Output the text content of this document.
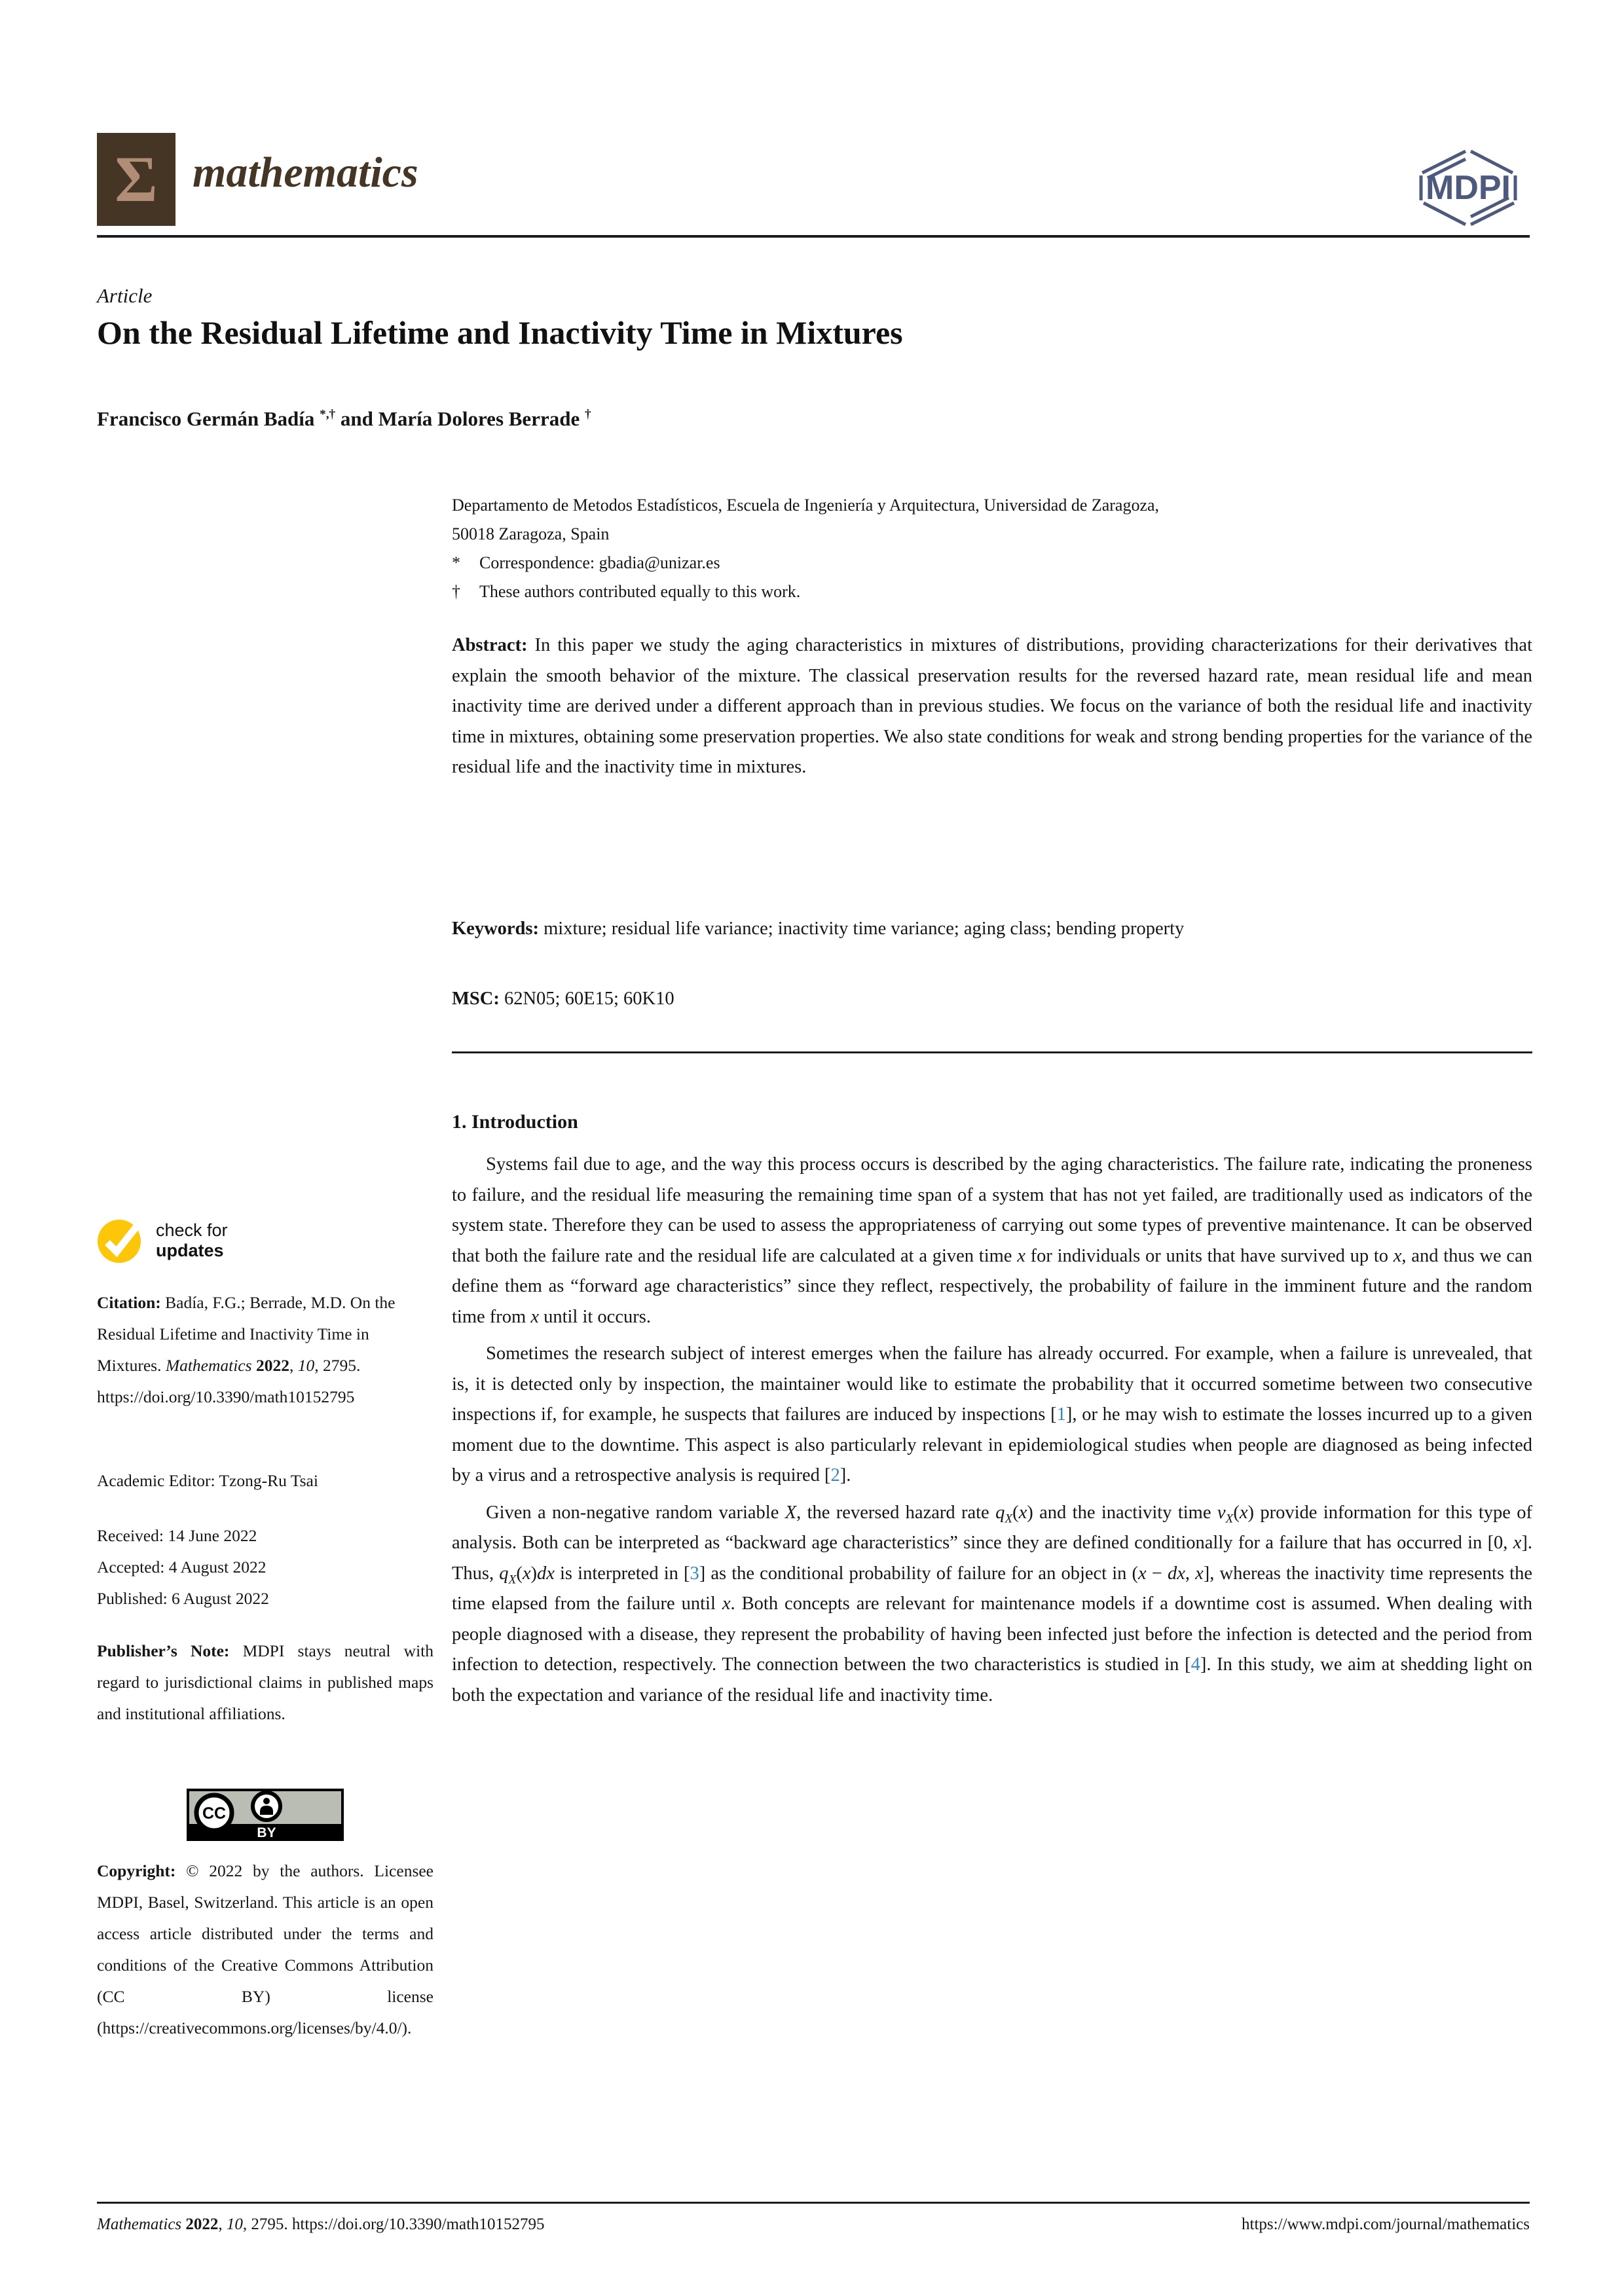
Σ mathematics	MDPI
Article
On the Residual Lifetime and Inactivity Time in Mixtures
Francisco Germán Badía *,† and María Dolores Berrade †
Departamento de Metodos Estadísticos, Escuela de Ingeniería y Arquitectura, Universidad de Zaragoza,
50018 Zaragoza, Spain
* Correspondence: gbadia@unizar.es
† These authors contributed equally to this work.
Abstract: In this paper we study the aging characteristics in mixtures of distributions, providing characterizations for their derivatives that explain the smooth behavior of the mixture. The classical preservation results for the reversed hazard rate, mean residual life and mean inactivity time are derived under a different approach than in previous studies. We focus on the variance of both the residual life and inactivity time in mixtures, obtaining some preservation properties. We also state conditions for weak and strong bending properties for the variance of the residual life and the inactivity time in mixtures.
Keywords: mixture; residual life variance; inactivity time variance; aging class; bending property
MSC: 62N05; 60E15; 60K10
1. Introduction

Systems fail due to age, and the way this process occurs is described by the aging characteristics. The failure rate, indicating the proneness to failure, and the residual life measuring the remaining time span of a system that has not yet failed, are traditionally used as indicators of the system state. Therefore they can be used to assess the appropriateness of carrying out some types of preventive maintenance. It can be observed that both the failure rate and the residual life are calculated at a given time x for individuals or units that have survived up to x, and thus we can define them as “forward age characteristics” since they reflect, respectively, the probability of failure in the imminent future and the random time from x until it occurs.

Sometimes the research subject of interest emerges when the failure has already occurred. For example, when a failure is unrevealed, that is, it is detected only by inspection, the maintainer would like to estimate the probability that it occurred sometime between two consecutive inspections if, for example, he suspects that failures are induced by inspections [1], or he may wish to estimate the losses incurred up to a given moment due to the downtime. This aspect is also particularly relevant in epidemiological studies when people are diagnosed as being infected by a virus and a retrospective analysis is required [2].

Given a non-negative random variable X, the reversed hazard rate $q_X(x)$ and the inactivity time $\nu_X(x)$ provide information for this type of analysis. Both can be interpreted as “backward age characteristics” since they are defined conditionally for a failure that has occurred in [0, x]. Thus, $q_X(x)dx$ is interpreted in [3] as the conditional probability of failure for an object in (x − dx, x], whereas the inactivity time represents the time elapsed from the failure until x. Both concepts are relevant for maintenance models if a downtime cost is assumed. When dealing with people diagnosed with a disease, they represent the probability of having been infected just before the infection is detected and the period from infection to detection, respectively. The connection between the two characteristics is studied in [4]. In this study, we aim at shedding light on both the expectation and variance of the residual life and inactivity time.

check for
updates
Citation: Badía, F.G.; Berrade, M.D. On the Residual Lifetime and Inactivity Time in Mixtures. Mathematics 2022, 10, 2795. https://doi.org/10.3390/math10152795
Academic Editor: Tzong-Ru Tsai
Received: 14 June 2022
Accepted: 4 August 2022
Published: 6 August 2022
Publisher’s Note: MDPI stays neutral with regard to jurisdictional claims in published maps and institutional affiliations.
CC
BY
Copyright: © 2022 by the authors. Licensee MDPI, Basel, Switzerland. This article is an open access article distributed under the terms and conditions of the Creative Commons Attribution (CC BY) license (https://creativecommons.org/licenses/by/4.0/).
Mathematics 2022, 10, 2795. https://doi.org/10.3390/math10152795	https://www.mdpi.com/journal/mathematics
